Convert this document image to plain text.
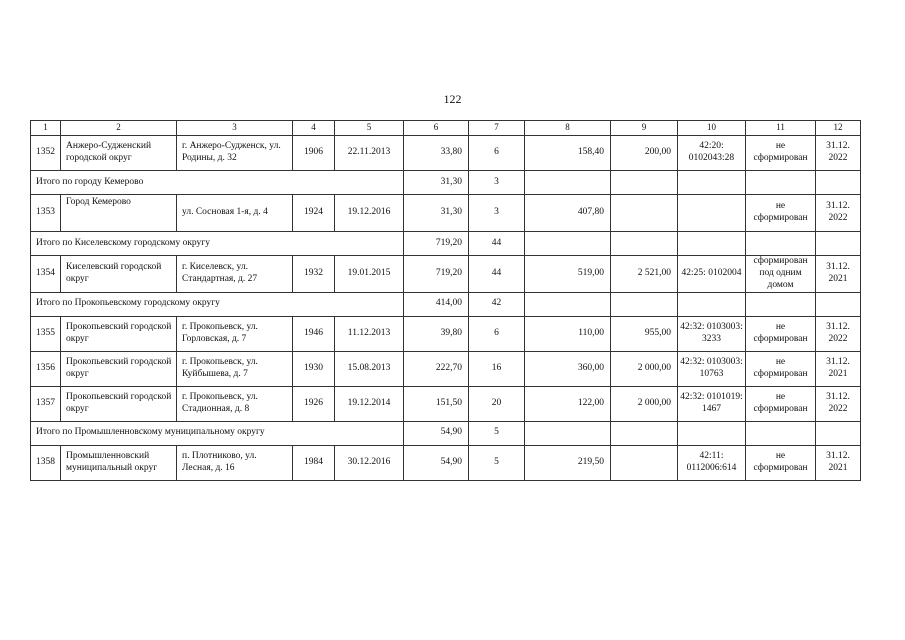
122
1	2	3	4	5	6	7	8	9	10	11	12
1352	Анжеро-Судженский городской округ	г. Анжеро-Судженск, ул. Родины, д. 32	1906	22.11.2013	33,80	6	158,40	200,00	42:20: 0102043:28	не сформирован	31.12. 2022
Итого по городу Кемерово					31,30	3					
1353	Город Кемерово	ул. Сосновая 1-я, д. 4	1924	19.12.2016	31,30	3	407,80			не сформирован	31.12. 2022
Итого по Киселевскому городскому округу					719,20	44					
1354	Киселевский городской округ	г. Киселевск, ул. Стандартная, д. 27	1932	19.01.2015	719,20	44	519,00	2 521,00	42:25: 0102004	сформирован под одним домом	31.12. 2021
Итого по Прокопьевскому городскому округу					414,00	42					
1355	Прокопьевский городской округ	г. Прокопьевск, ул. Горловская, д. 7	1946	11.12.2013	39,80	6	110,00	955,00	42:32: 0103003: 3233	не сформирован	31.12. 2022
1356	Прокопьевский городской округ	г. Прокопьевск, ул. Куйбышева, д. 7	1930	15.08.2013	222,70	16	360,00	2 000,00	42:32: 0103003: 10763	не сформирован	31.12. 2021
1357	Прокопьевский городской округ	г. Прокопьевск, ул. Стадионная, д. 8	1926	19.12.2014	151,50	20	122,00	2 000,00	42:32: 0101019: 1467	не сформирован	31.12. 2022
Итого по Промышленновскому муниципальному округу					54,90	5					
1358	Промышленновский муниципальный округ	п. Плотниково, ул. Лесная, д. 16	1984	30.12.2016	54,90	5	219,50		42:11: 0112006:614	не сформирован	31.12. 2021
